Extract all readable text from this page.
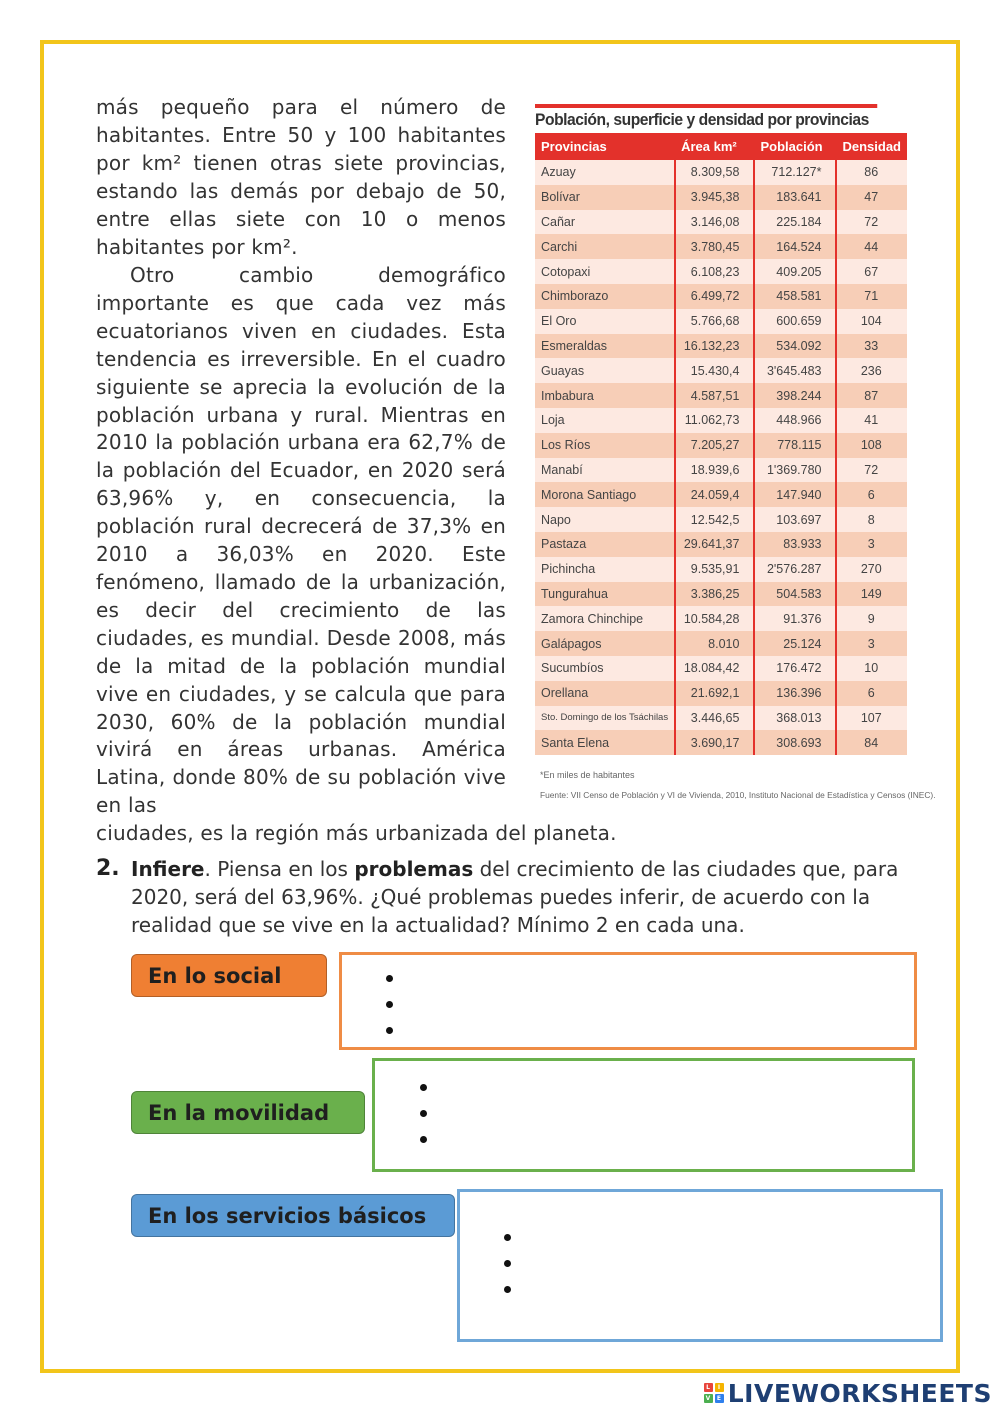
más pequeño para el número de habitantes. Entre 50 y 100 habitantes por km² tienen otras siete provincias, estando las demás por debajo de 50, entre ellas siete con 10 o menos habitantes por km².
Otro cambio demográfico importante es que cada vez más ecuatorianos viven en ciudades. Esta tendencia es irreversible. En el cuadro siguiente se aprecia la evolución de la población urbana y rural. Mientras en 2010 la población urbana era 62,7% de la población del Ecuador, en 2020 será 63,96% y, en consecuencia, la población rural decrecerá de 37,3% en 2010 a 36,03% en 2020. Este fenómeno, llamado de la urbanización, es decir del crecimiento de las ciudades, es mundial. Desde 2008, más de la mitad de la población mundial vive en ciudades, y se calcula que para 2030, 60% de la población mundial vivirá en áreas urbanas. América Latina, donde 80% de su población vive en las
ciudades, es la región más urbanizada del planeta.
Población, superficie y densidad por provincias
Provincias	Área km²	Población	Densidad
Azuay	8.309,58	712.127*	86
Bolívar	3.945,38	183.641	47
Cañar	3.146,08	225.184	72
Carchi	3.780,45	164.524	44
Cotopaxi	6.108,23	409.205	67
Chimborazo	6.499,72	458.581	71
El Oro	5.766,68	600.659	104
Esmeraldas	16.132,23	534.092	33
Guayas	15.430,4	3'645.483	236
Imbabura	4.587,51	398.244	87
Loja	11.062,73	448.966	41
Los Ríos	7.205,27	778.115	108
Manabí	18.939,6	1'369.780	72
Morona Santiago	24.059,4	147.940	6
Napo	12.542,5	103.697	8
Pastaza	29.641,37	83.933	3
Pichincha	9.535,91	2'576.287	270
Tungurahua	3.386,25	504.583	149
Zamora Chinchipe	10.584,28	91.376	9
Galápagos	8.010	25.124	3
Sucumbíos	18.084,42	176.472	10
Orellana	21.692,1	136.396	6
Sto. Domingo de los Tsáchilas	3.446,65	368.013	107
Santa Elena	3.690,17	308.693	84
*En miles de habitantes
Fuente: VII Censo de Población y VI de Vivienda, 2010, Instituto Nacional de Estadística y Censos (INEC).
2. Infiere. Piensa en los problemas del crecimiento de las ciudades que, para 2020, será del 63,96%. ¿Qué problemas puedes inferir, de acuerdo con la realidad que se vive en la actualidad? Mínimo 2 en cada una.
En lo social
En la movilidad
En los servicios básicos
L	I
V	E LIVEWORKSHEETS
